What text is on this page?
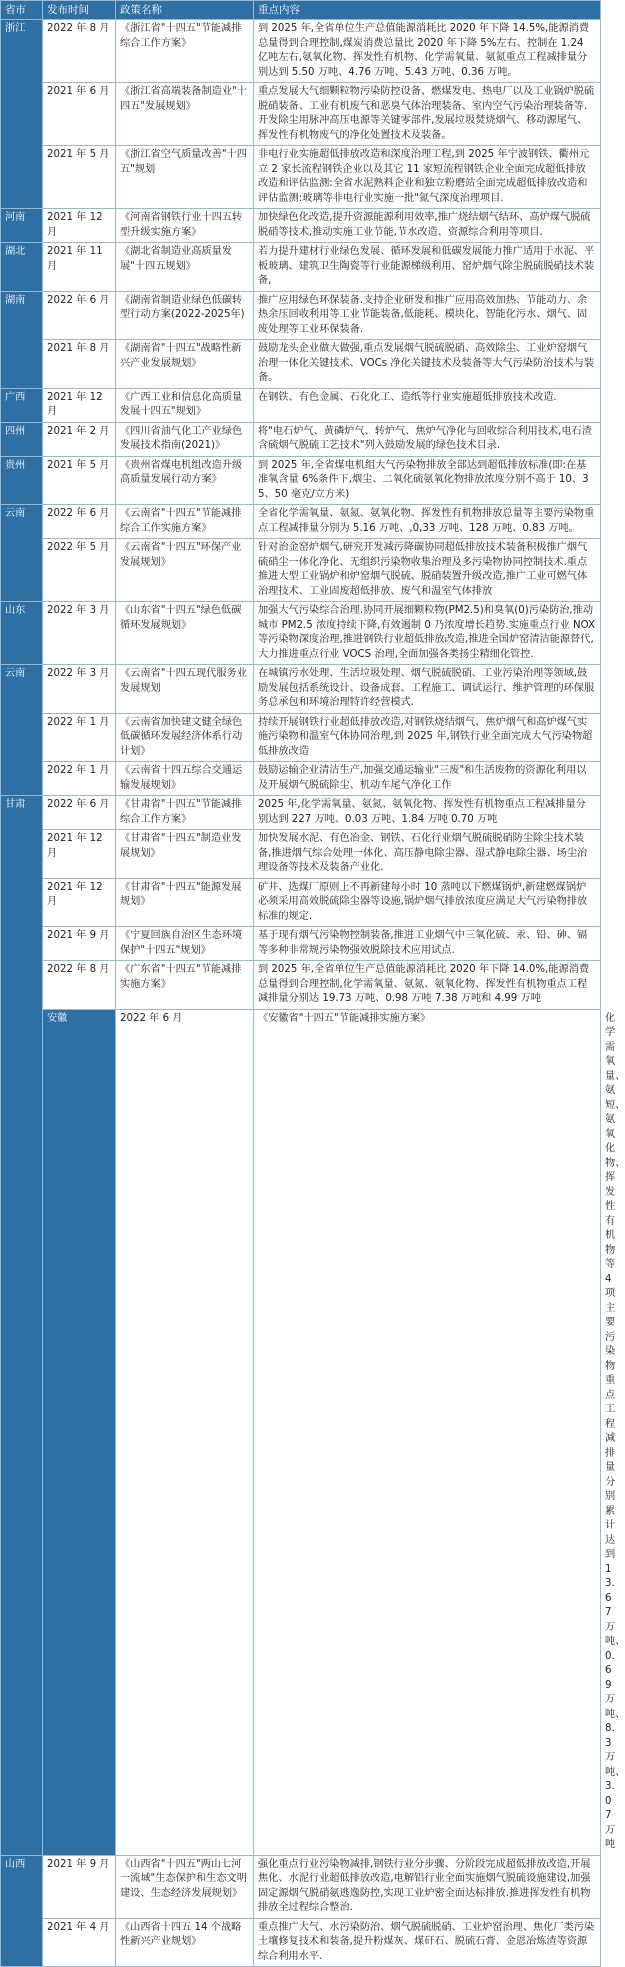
省市	发布时间	政策名称	重点内容	
浙江	2022 年 8 月	《浙江省"十四五"节能减排综合工作方案》	到 2025 年,全省单位生产总值能源消耗比 2020 年下降 14.5%,能源消费总量得到合理控制,煤炭消费总量比 2020 年下降 5%左右、控制在 1.24 亿吨左右,氨氧化物、挥发性有机物、化学需氧量、氨氮重点工程减排量分别达到 5.50 万吨、4.76 万吨、5.43 万吨、0.36 万吨。	
	2021 年 6 月	《浙江省高端装备制造业"十四五"发展规划》	重点发展大气细颗粒物污染防控设备、燃煤发电、热电厂以及工业锅炉脱硫脱硝装备、工业有机废气和恶臭气体治理装备、室内空气污染治理装备等.开发除尘用脉冲高压电源等关键零部件,发展垃圾焚烧烟气、移动源尾气、挥发性有机物废气的净化处置技术及装备。	
	2021 年 5 月	《浙江省空气质量改善"十四五"规划	非电行业实施超低排放改造和深度治理工程,到 2025 年宁波钢铁、衢州元立 2 家长流程钢铁企业以及其它 11 家短流程钢铁企业全面完成超低排放改造和评估监测:全省水泥熟料企业和独立粉磨站全面完成超低排放改造和评估监测:玻璃等非电行业实施一批"氮气深度治理项目.	
河南	2021 年 12 月	《河南省钢铁行业十四五转型升级实施方案》	加快绿色化改造,提升资源能源利用效率,推广烧结烟气结环、高炉煤气脱硫脱硝等技术,推动实施工业节能,节水改造、资源综合利用等项目.	
湖北	2021 年 11 月	《湖北省制造业高质量发展"十四五规划》	若力提升建材行业绿色发展、循环发展和低碳发展能力推广适用于水泥、平板玻璃、建筑卫生陶瓷等行业能源梯级利用、窑炉烟气除尘脱硫脱硝技术装备,	
湖南	2022 年 6 月	《湖南省制造业绿色低碳转型行动方案(2022-2025年)	推广应用绿色环保装备.支持企业研发和推广应用高效加热、节能动力、余热余压回收利用等工业节能装备,低能耗、模块化、智能化污水、烟气、固废处理等工业环保装备.	
	2021 年 8 月	《湖南省"十四五"战略性新兴产业发展规划》	鼓励龙头企业做大做强,重点发展烟气脱硫脱硝、高效除尘、工业炉窑烟气治理一体化关键技术、VOCs 净化关键技术及装备等大气污染防治技术与装备。	
广西	2021 年 12 月	《广西工业和信息化高质量发展十四五"规划》	在钢铁、有色金属、石化化工、造纸等行业实施超低排放技术改造.	
四州	2021 年 2 月	《四川省油气化工产业绿色发展技术指南(2021)》	将"电石炉气、黄磷炉气、转炉气、焦炉气净化与回收综合利用技术,电石渣含硫烟气脱硫工艺技术"列入鼓励发展的绿色技术目录.	
贵州	2021 年 5 月	《贵州省煤电机组改造升级高质量发展行动方案》	到 2025 年,全省煤电机组大气污染物排放全部达到超低排放标准(即:在基准氧含量 6%条件下,烟尘、二氧化硫氨氧化物排放浓度分别不高于 10、35、50 毫克/立方米)	
云南	2022 年 6 月	《云南省"十四五"节能减排综合工作实施方案》	全省化学需氧量、氨氮、氨氧化物、挥发性有机物排放总量等主要污染物重点工程减排量分别为 5.16 万吨、,0,33 万吨、128 万吨、0.83 万吨。	
	2022 年 5 月	《云南省"十四五"环保产业发展规划》	针对治金窑炉烟气,研究开发减污降碳协同超低排放技术装备积极推广烟气硫硝尘一体化净化、无组织污染物收集治理及多污染物协同控制技术.重点推进大型工业锅炉和炉窑烟气脱硫、脱硝装置升级改造,推广工业可燃气体治理技术、工业固废超低排放、废气和温室气体排放	
山东	2022 年 3 月	《山东省"十四五"绿色低碳循环发展规划》	加强大气污染综合治理.协同开展细颗粒物(PM2.5)和臭氧(0)污染防治,推动城市 PM2.5 浓度持续下降,有效遏制 0 乃浓度增长趋势.实施重点行业 NOX 等污染物深度治理,推进钢铁行业超低排放改造,推进全国炉窑清洁能源替代,大力推进重点行业 VOCS 治理,全面加强各类扬尘精细化管控.	
云南	2022 年 3 月	《云南省"十四五现代服务业发展规划	在城镇污水处理、生活垃圾处理、烟气脱硫脱硝、工业污染治理等领域,鼓励发展包括系统设计、设备成套、工程施工、调试运行、维护管理的环保服务总承包和环境治理特许经营模式.	
	2022 年 1 月	《云南省加快建文健全绿色低碳循环发展经济体系行动计划》	持续开展钢铁行业超低排放改造,对钢铁烧结烟气、焦炉烟气和高炉煤气实施污染物和温室气体协同治理,到 2025 年,钢铁行业全面完成大气污染物超低排放改造	
	2022 年 1 月	《云南省十四五综合交通运输发展规划》	鼓励运输企业清洁生产,加强交通运输业"三废"和生活废物的资源化利用以及开展烟气脱硫除尘、机动车尾气净化工作	
甘肃	2022 年 6 月	《甘肃省"十四五"节能减排综合工作方案》	2025 年,化学需氧量、氨氮、氨氧化物、挥发性有机物重点工程减排量分别达到 227 万吨、0.03 万吨、1.84 万吨 0.70 万吨	
	2021 年 12 月	《甘肃省"十四五"制造业发展规划》	加快发展水泥、有色冶金、钢铁、石化行业烟气脱硫脱硝防尘除尘技术装备,推进烟气综合处理一体化、高压静电除尘器、湿式静电除尘器、场尘治理设备等技术及装备产业化.	
	2021 年 12 月	《甘肃省"十四五"能源发展规划》	矿井、选煤厂原则上不再新建每小时 10 蒸吨以下燃煤锅炉,新建燃煤锅炉必须采用高效脱硫除尘器等设施,锅炉烟气排放浓度应满足大气污染物排放标准的规定.	
	2021 年 9 月	《宁夏回族自治区生态环境保护"十四五"规划》	基于现有烟气污染物控制装备,推进工业烟气中三氧化硫、汞、铅、砷、镉等多种非常规污染物强效脱除技术应用试点.	
	2022 年 8 月	《广东省"十四五"节能减排实施方案》	到 2025 年,全省单位生产总值能源消耗比 2020 年下降 14.0%,能源消费总量得到合理控制,化学需氧量、氨氮、氨氧化物、挥发性有机物重点工程减排量分别达 19.73 万吨、0.98 万吨 7.38 万吨和 4.99 万吨	
	安徽	2022 年 6 月	《安徽省"十四五"节能减排实施方案》	化学需氧量、氨短、氨氧化物、挥发性有机物等 4 项主要污染物重点工程减排量分别累计达到 13.67 万吨、0.69 万吨、8.3 万吨、3.07 万吨
山西	2021 年 9 月	《山西省"十四五"两山七河一流域"生态保护和生态文明建设、生态经济发展规划》	强化重点行业污染物减排,钢铁行业分步骤、分阶段完成超低排放改造,开展焦化、水泥行业超低排放改造,电解铝行业全面实施烟气脱硫设施建设,加强固定源烟气脱硝氨逃逸防控,实现工业炉密全面达标排放.推进挥发性有机物排放全过程综合整治.	
	2021 年 4 月	《山西省十四五 14 个战略性新兴产业规划》	重点推广大气、水污染防治、烟气脱硫脱硝、工业炉窑治理、焦化厂类污染土壤修复技术和装备,提升粉煤灰、煤矸石、脱硫石膏、金恩冶炼渣等资源综合利用水平.	
